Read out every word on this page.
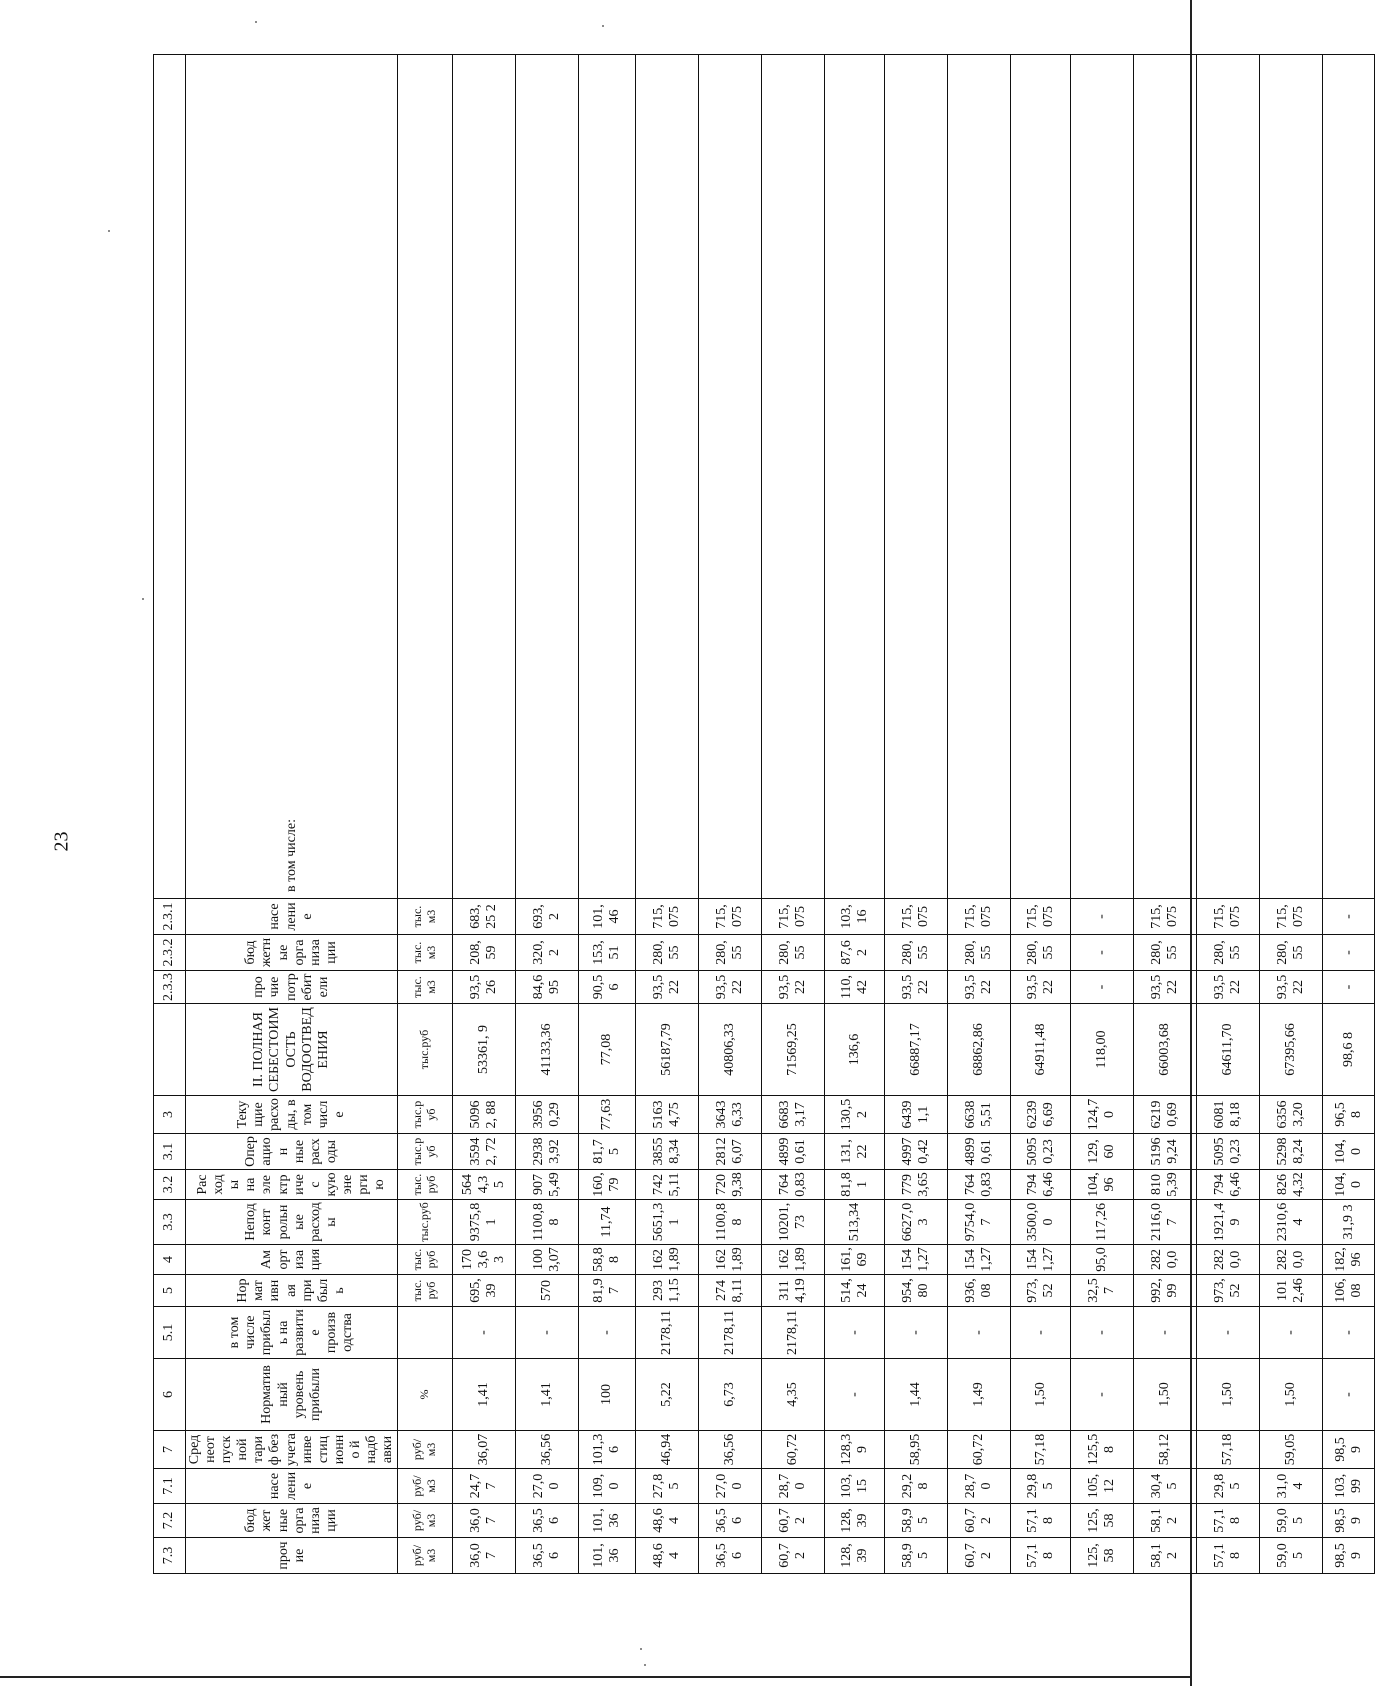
23
7.3	7.2	7.1	7	6	5.1	5	4	3.3	3.2	3.1	3		2.3.3	2.3.2	2.3.1	
прочие	бюджетные организации	население	Среднеот пускной тариф без учета инвестиционно й надбавки	Норматив ный уровень прибыли	в том числе прибыль на развитие производства	Нормативная прибыль	Амортизация	Неподконт рольные расходы	Расходы на электричес кую энергию	Операцион ные расходы	Текущие расходы, в том числе	II. ПОЛНАЯ СЕБЕСТОИМ ОСТЬ ВОДООТВЕД ЕНИЯ	прочие потребители	бюджетные организации	население	в том числе:
руб/м3	руб/м3	руб/м3	руб/м3	%		тыс.руб	тыс.руб	тыс.руб	тыс.руб	тыс.руб	тыс.руб	тыс.руб	тыс. м3	тыс. м3	тыс. м3	
36,07	36,07	24,77	36,07	1,41	-	695,39	1703,6 3	9375,8 1	5644,3 5	35942, 72	50962, 88	53361, 9	93,526	208,59	683,25 2	
36,56	36,56	27,00	36,56	1,41	-	570	1003,07	1100,88	9075,49	29383,92	39560,29	41133,36	84,695	320,2	693,2	
101,36	101,36	109,0	101,36	100	-	81,97	58,88	11,74	160,79	81,75	77,63	77,08	90,56	153,51	101,46	
48,64	48,64	27,85	46,94	5,22	2178,11	2931,15	1621,89	5651,31	7425,11	38558,34	51634,75	56187,79	93,522	280,55	715,075	
36,56	36,56	27,00	36,56	6,73	2178,11	2748,11	1621,89	1100,88	7209,38	28126,07	36436,33	40806,33	93,522	280,55	715,075	
60,72	60,72	28,70	60,72	4,35	2178,11	3114,19	1621,89	10201,73	7640,83	48990,61	66833,17	71569,25	93,522	280,55	715,075	
128,39	128,39	103,15	128,39	-	-	514,24	161,69	513,34	81,81	131,22	130,52	136,6	110,42	87,62	103,16	
58,95	58,95	29,28	58,95	1,44	-	954,80	1541,27	6627,03	7793,65	49970,42	64391,1	66887,17	93,522	280,55	715,075	
60,72	60,72	28,70	60,72	1,49	-	936,08	1541,27	9754,07	7640,83	48990,61	66385,51	68862,86	93,522	280,55	715,075	
57,18	57,18	29,85	57,18	1,50	-	973,52	1541,27	3500,00	7946,46	50950,23	62396,69	64911,48	93,522	280,55	715,075	
125,58	125,58	105,12	125,58	-	-	32,57	95,0	117,26	104,96	129,60	124,70	118,00	-	-	-	
58,12	58,12	30,45	58,12	1,50	-	992,99	2820,0	2116,07	8105,39	51969,24	62190,69	66003,68	93,522	280,55	715,075	
57,18	57,18	29,85	57,18	1,50	-	973,52	2820,0	1921,49	7946,46	50950,23	60818,18	64611,70	93,522	280,55	715,075	
59,05	59,05	31,04	59,05	1,50	-	1012,46	2820,0	2310,64	8264,32	52988,24	63563,20	67395,66	93,522	280,55	715,075	
98,5 9	98,5 9	103, 99	98,5 9	-	-	106, 08	182, 96	31,9 3	104, 0	104, 0	96,5 8	98,6 8	-	-	-	
